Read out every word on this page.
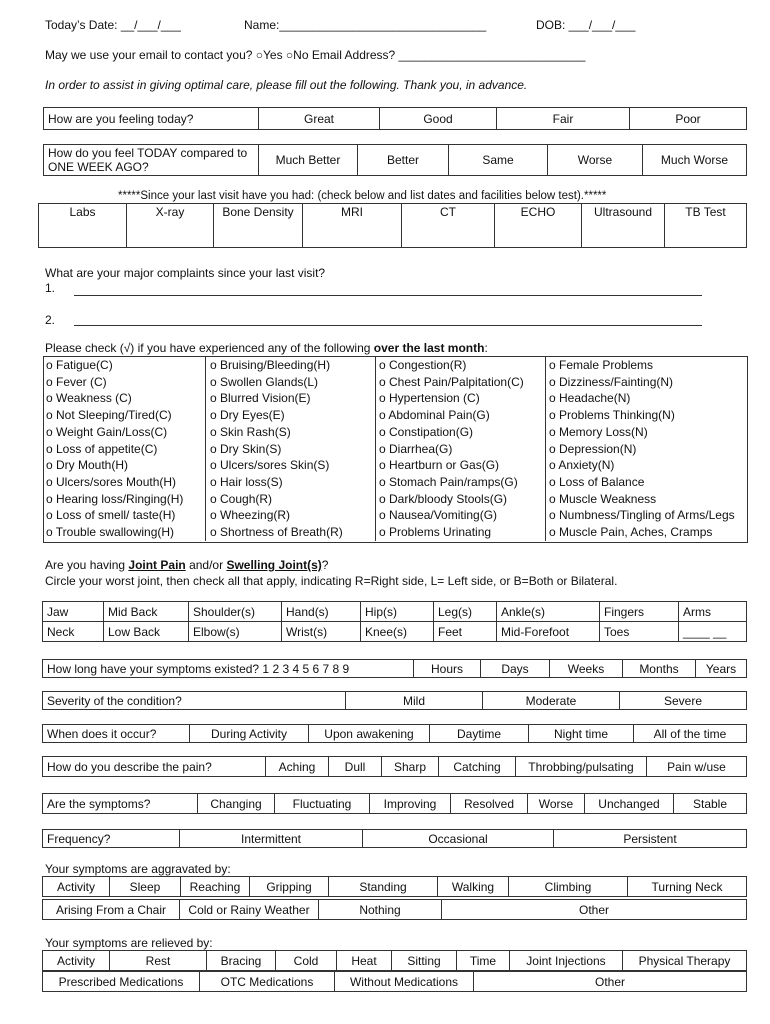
Today’s Date: __/___/___	Name:_______________________________	DOB: ___/___/___
May we use your email to contact you? ○Yes ○No Email Address? ____________________________
In order to assist in giving optimal care, please fill out the following. Thank you, in advance.
How are you feeling today?	Great	Good	Fair	Poor
How do you feel TODAY compared to ONE WEEK AGO?	Much Better	Better	Same	Worse	Much Worse
*****Since your last visit have you had: (check below and list dates and facilities below test).*****
Labs	X-ray	Bone Density	MRI	CT	ECHO	Ultrasound	TB Test
What are your major complaints since your last visit?
1.
2.
Please check (√) if you have experienced any of the following over the last month:
o Fatigue(C)
o Fever (C)
o Weakness (C)
o Not Sleeping/Tired(C)
o Weight Gain/Loss(C)
o Loss of appetite(C)
o Dry Mouth(H)
o Ulcers/sores Mouth(H)
o Hearing loss/Ringing(H)
o Loss of smell/ taste(H)
o Trouble swallowing(H)
o Bruising/Bleeding(H)
o Swollen Glands(L)
o Blurred Vision(E)
o Dry Eyes(E)
o Skin Rash(S)
o Dry Skin(S)
o Ulcers/sores Skin(S)
o Hair loss(S)
o Cough(R)
o Wheezing(R)
o Shortness of Breath(R)
o Congestion(R)
o Chest Pain/Palpitation(C)
o Hypertension (C)
o Abdominal Pain(G)
o Constipation(G)
o Diarrhea(G)
o Heartburn or Gas(G)
o Stomach Pain/ramps(G)
o Dark/bloody Stools(G)
o Nausea/Vomiting(G)
o Problems Urinating
o Female Problems
o Dizziness/Fainting(N)
o Headache(N)
o Problems Thinking(N)
o Memory Loss(N)
o Depression(N)
o Anxiety(N)
o Loss of Balance
o Muscle Weakness
o Numbness/Tingling of Arms/Legs
o Muscle Pain, Aches, Cramps
Are you having Joint Pain and/or Swelling Joint(s)?
Circle your worst joint, then check all that apply, indicating R=Right side, L= Left side, or B=Both or Bilateral.
Jaw	Mid Back	Shoulder(s)	Hand(s)	Hip(s)	Leg(s)	Ankle(s)	Fingers	Arms
Neck	Low Back	Elbow(s)	Wrist(s)	Knee(s)	Feet	Mid-Forefoot	Toes	____ __
How long have your symptoms existed? 1 2 3 4 5 6 7 8 9	Hours	Days	Weeks	Months	Years
Severity of the condition?	Mild	Moderate	Severe
When does it occur?	During Activity	Upon awakening	Daytime	Night time	All of the time
How do you describe the pain?	Aching	Dull	Sharp	Catching	Throbbing/pulsating	Pain w/use
Are the symptoms?	Changing	Fluctuating	Improving	Resolved	Worse	Unchanged	Stable
Frequency?	Intermittent	Occasional	Persistent
Your symptoms are aggravated by:
Activity	Sleep	Reaching	Gripping	Standing	Walking	Climbing	Turning Neck
Arising From a Chair	Cold or Rainy Weather	Nothing	Other
Your symptoms are relieved by:
Activity	Rest	Bracing	Cold	Heat	Sitting	Time	Joint Injections	Physical Therapy
Prescribed Medications	OTC Medications	Without Medications	Other
